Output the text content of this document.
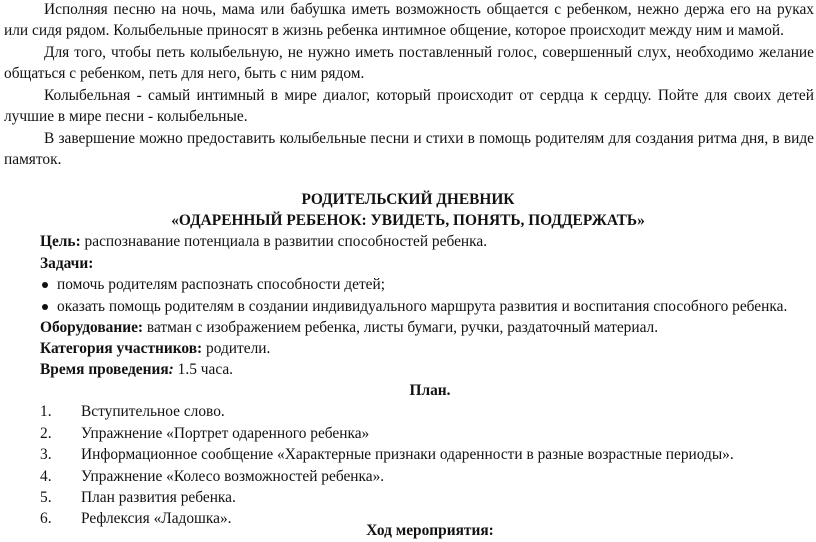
Исполняя песню на ночь, мама или бабушка иметь возможность общается с ребенком, нежно держа его на руках
или сидя рядом. Колыбельные приносят в жизнь ребенка интимное общение, которое происходит между ним и мамой.
Для того, чтобы петь колыбельную, не нужно иметь поставленный голос, совершенный слух, необходимо желание
общаться с ребенком, петь для него, быть с ним рядом.
Колыбельная - самый интимный в мире диалог, который происходит от сердца к сердцу. Пойте для своих детей
лучшие в мире песни - колыбельные.
В завершение можно предоставить колыбельные песни и стихи в помощь родителям для создания ритма дня, в виде
памяток.
РОДИТЕЛЬСКИЙ ДНЕВНИК
«ОДАРЕННЫЙ РЕБЕНОК: УВИДЕТЬ, ПОНЯТЬ, ПОДДЕРЖАТЬ»
Цель: распознавание потенциала в развитии способностей ребенка.
Задачи:
помочь родителям распознать способности детей;
оказать помощь родителям в создании индивидуального маршрута развития и воспитания способного ребенка.
Оборудование: ватман с изображением ребенка, листы бумаги, ручки, раздаточный материал.
Категория участников: родители.
Время проведения: 1.5 часа.
План.
1. Вступительное слово.
2. Упражнение «Портрет одаренного ребенка»
3. Информационное сообщение «Характерные признаки одаренности в разные возрастные периоды».
4. Упражнение «Колесо возможностей ребенка».
5. План развития ребенка.
6. Рефлексия «Ладошка».
Ход мероприятия:
